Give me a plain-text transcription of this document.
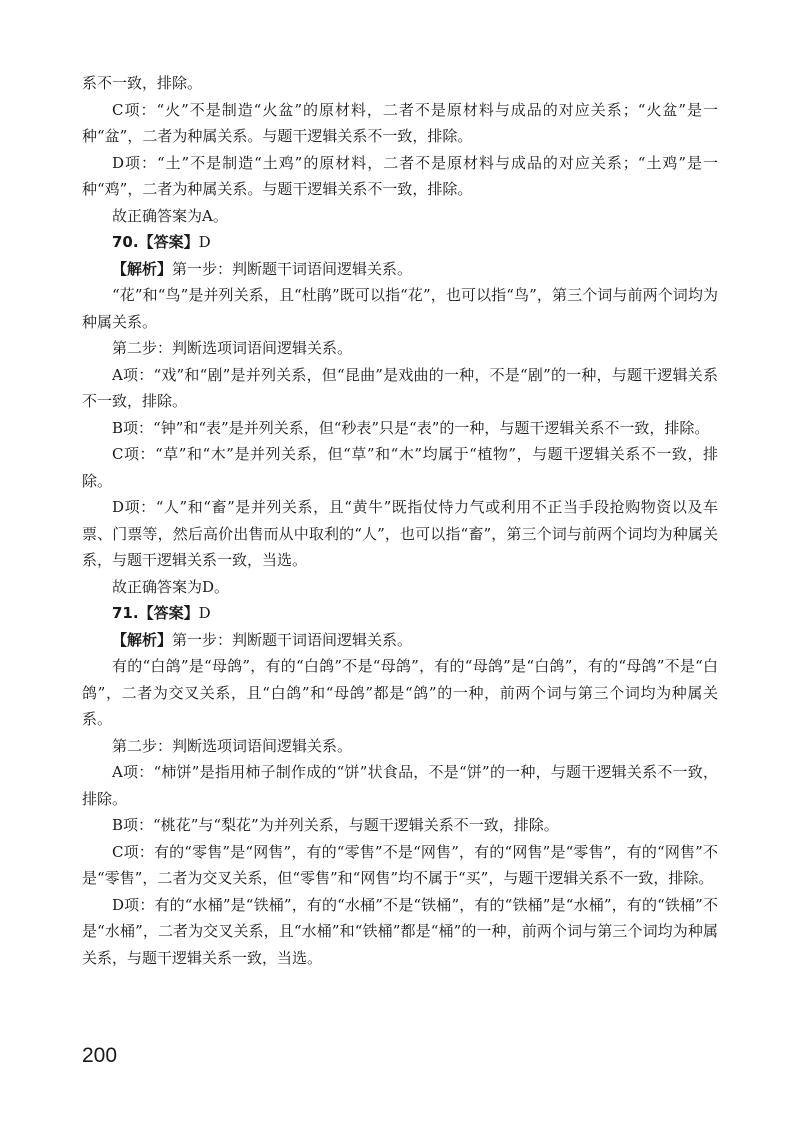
系不一致，排除。

C项：“火”不是制造“火盆”的原材料，二者不是原材料与成品的对应关系；“火盆”是一种“盆”，二者为种属关系。与题干逻辑关系不一致，排除。

D项：“土”不是制造“土鸡”的原材料，二者不是原材料与成品的对应关系；“土鸡”是一种“鸡”，二者为种属关系。与题干逻辑关系不一致，排除。

故正确答案为A。

70.【答案】D

【解析】第一步：判断题干词语间逻辑关系。

“花”和“鸟”是并列关系，且“杜鹃”既可以指“花”，也可以指“鸟”，第三个词与前两个词均为种属关系。

第二步：判断选项词语间逻辑关系。

A项：“戏”和“剧”是并列关系，但“昆曲”是戏曲的一种，不是“剧”的一种，与题干逻辑关系不一致，排除。

B项：“钟”和“表”是并列关系，但“秒表”只是“表”的一种，与题干逻辑关系不一致，排除。

C项：“草”和“木”是并列关系，但“草”和“木”均属于“植物”，与题干逻辑关系不一致，排除。

D项：“人”和“畜”是并列关系，且“黄牛”既指仗恃力气或利用不正当手段抢购物资以及车票、门票等，然后高价出售而从中取利的“人”，也可以指“畜”，第三个词与前两个词均为种属关系，与题干逻辑关系一致，当选。

故正确答案为D。

71.【答案】D

【解析】第一步：判断题干词语间逻辑关系。

有的“白鸽”是“母鸽”，有的“白鸽”不是“母鸽”，有的“母鸽”是“白鸽”，有的“母鸽”不是“白鸽”，二者为交叉关系，且“白鸽”和“母鸽”都是“鸽”的一种，前两个词与第三个词均为种属关系。

第二步：判断选项词语间逻辑关系。

A项：“柿饼”是指用柿子制作成的“饼”状食品，不是“饼”的一种，与题干逻辑关系不一致，排除。

B项：“桃花”与“梨花”为并列关系，与题干逻辑关系不一致，排除。

C项：有的“零售”是“网售”，有的“零售”不是“网售”，有的“网售”是“零售”，有的“网售”不是“零售”，二者为交叉关系，但“零售”和“网售”均不属于“买”，与题干逻辑关系不一致，排除。

D项：有的“水桶”是“铁桶”，有的“水桶”不是“铁桶”，有的“铁桶”是“水桶”，有的“铁桶”不是“水桶”，二者为交叉关系，且“水桶”和“铁桶”都是“桶”的一种，前两个词与第三个词均为种属关系，与题干逻辑关系一致，当选。

200
